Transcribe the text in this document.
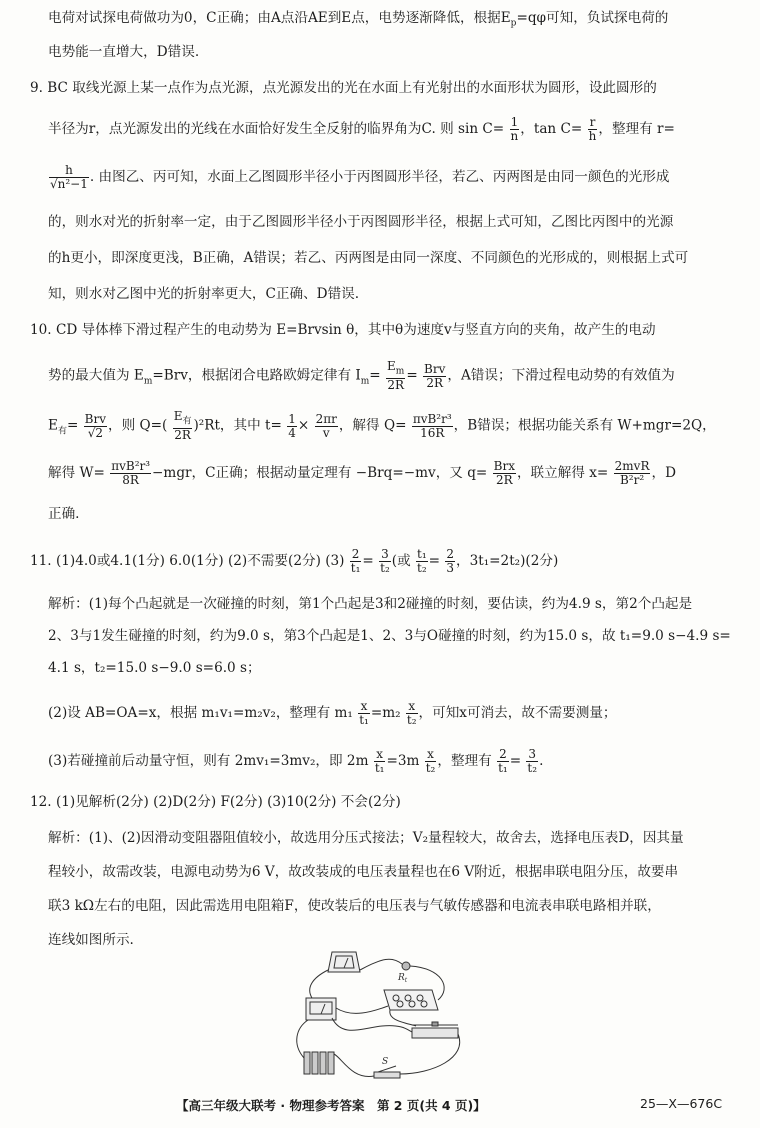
电荷对试探电荷做功为0，C正确；由A点沿AE到E点，电势逐渐降低，根据$E_p=q\varphi$可知，负试探电荷的
电势能一直增大，D错误.
9. BC 取线光源上某一点作为点光源，点光源发出的光在水面上有光射出的水面形状为圆形，设此圆形的
半径为r，点光源发出的光线在水面恰好发生全反射的临界角为C. 则 $\sin C= \frac{1}{n}$ ，$\tan C= \frac{r}{h}$ ，整理有 r=
$\frac{h}{\text{√n²−1}}$ . 由图乙、丙可知，水面上乙图圆形半径小于丙图圆形半径，若乙、丙两图是由同一颜色的光形成
的，则水对光的折射率一定，由于乙图圆形半径小于丙图圆形半径，根据上式可知，乙图比丙图中的光源
的h更小，即深度更浅，B正确，A错误；若乙、丙两图是由同一深度、不同颜色的光形成的，则根据上式可
知，则水对乙图中光的折射率更大，C正确、D错误.
10. CD 导体棒下滑过程产生的电动势为 E=Brvsin θ，其中θ为速度v与竖直方向的夹角，故产生的电动
势的最大值为 $E_m=Brv$，根据闭合电路欧姆定律有 $I_m= \frac{E_m}{2R}$ = Brv
2R ，A错误；下滑过程电动势的有效值为
$E_有=$ Brv
√2 ，则 Q=(
$E_有$
2R
)²Rt，其中 $t= \frac{1}{4} \times \frac{2\pi r}{v}$ ，解得 Q= πvB²r³
16R ，B错误；根据功能关系有 W+mgr=2Q，
解得 W= πvB²r³
8R −mgr，C正确；根据动量定理有 −Brq=−mv，又 q= Brx
2R ，联立解得 x= 2mvR
B²r² ，D
正确.
11. (1)4.0或4.1(1分) 6.0(1分) (2)不需要(2分) $(3) \frac{2}{\text{t₁}} = \frac{3}{\text{t₂}}$ (或 $\frac{\text{t₁}}{\text{t₂}} = \frac{2}{3}$ ，3t₁=2t₂)(2分)
解析：(1)每个凸起就是一次碰撞的时刻，第1个凸起是3和2碰撞的时刻，要估读，约为4.9 s，第2个凸起是
2、3与1发生碰撞的时刻，约为9.0 s，第3个凸起是1、2、3与O碰撞的时刻，约为15.0 s，故 t₁=9.0 s−4.9 s=
4.1 s，t₂=15.0 s−9.0 s=6.0 s；
(2)设 AB=OA=x，根据 m₁v₁=m₂v₂，整理有 $m_1 \frac{x}{\text{t₁}} =m_2 \frac{x}{\text{t₂}}$ ，可知x可消去，故不需要测量；
(3)若碰撞前后动量守恒，则有 2mv₁=3mv₂，即 $2m \frac{x}{\text{t₁}} =3m \frac{x}{\text{t₂}}$ ，整理有 $\frac{2}{\text{t₁}} = \frac{3}{\text{t₂}}$ .
12. (1)见解析(2分) (2)D(2分) F(2分) (3)10(2分) 不会(2分)
解析：(1)、(2)因滑动变阻器阻值较小，故选用分压式接法；V₂量程较大，故舍去，选择电压表D，因其量
程较小，故需改装，电源电动势为6 V，故改装成的电压表量程也在6 V附近，根据串联电阻分压，故要串
联3 kΩ左右的电阻，因此需选用电阻箱F，使改装后的电压表与气敏传感器和电流表串联电路相并联，
连线如图所示.
$R_t$
S
【高三年级大联考 · 物理参考答案　第 2 页(共 4 页)】	25—X—676C
